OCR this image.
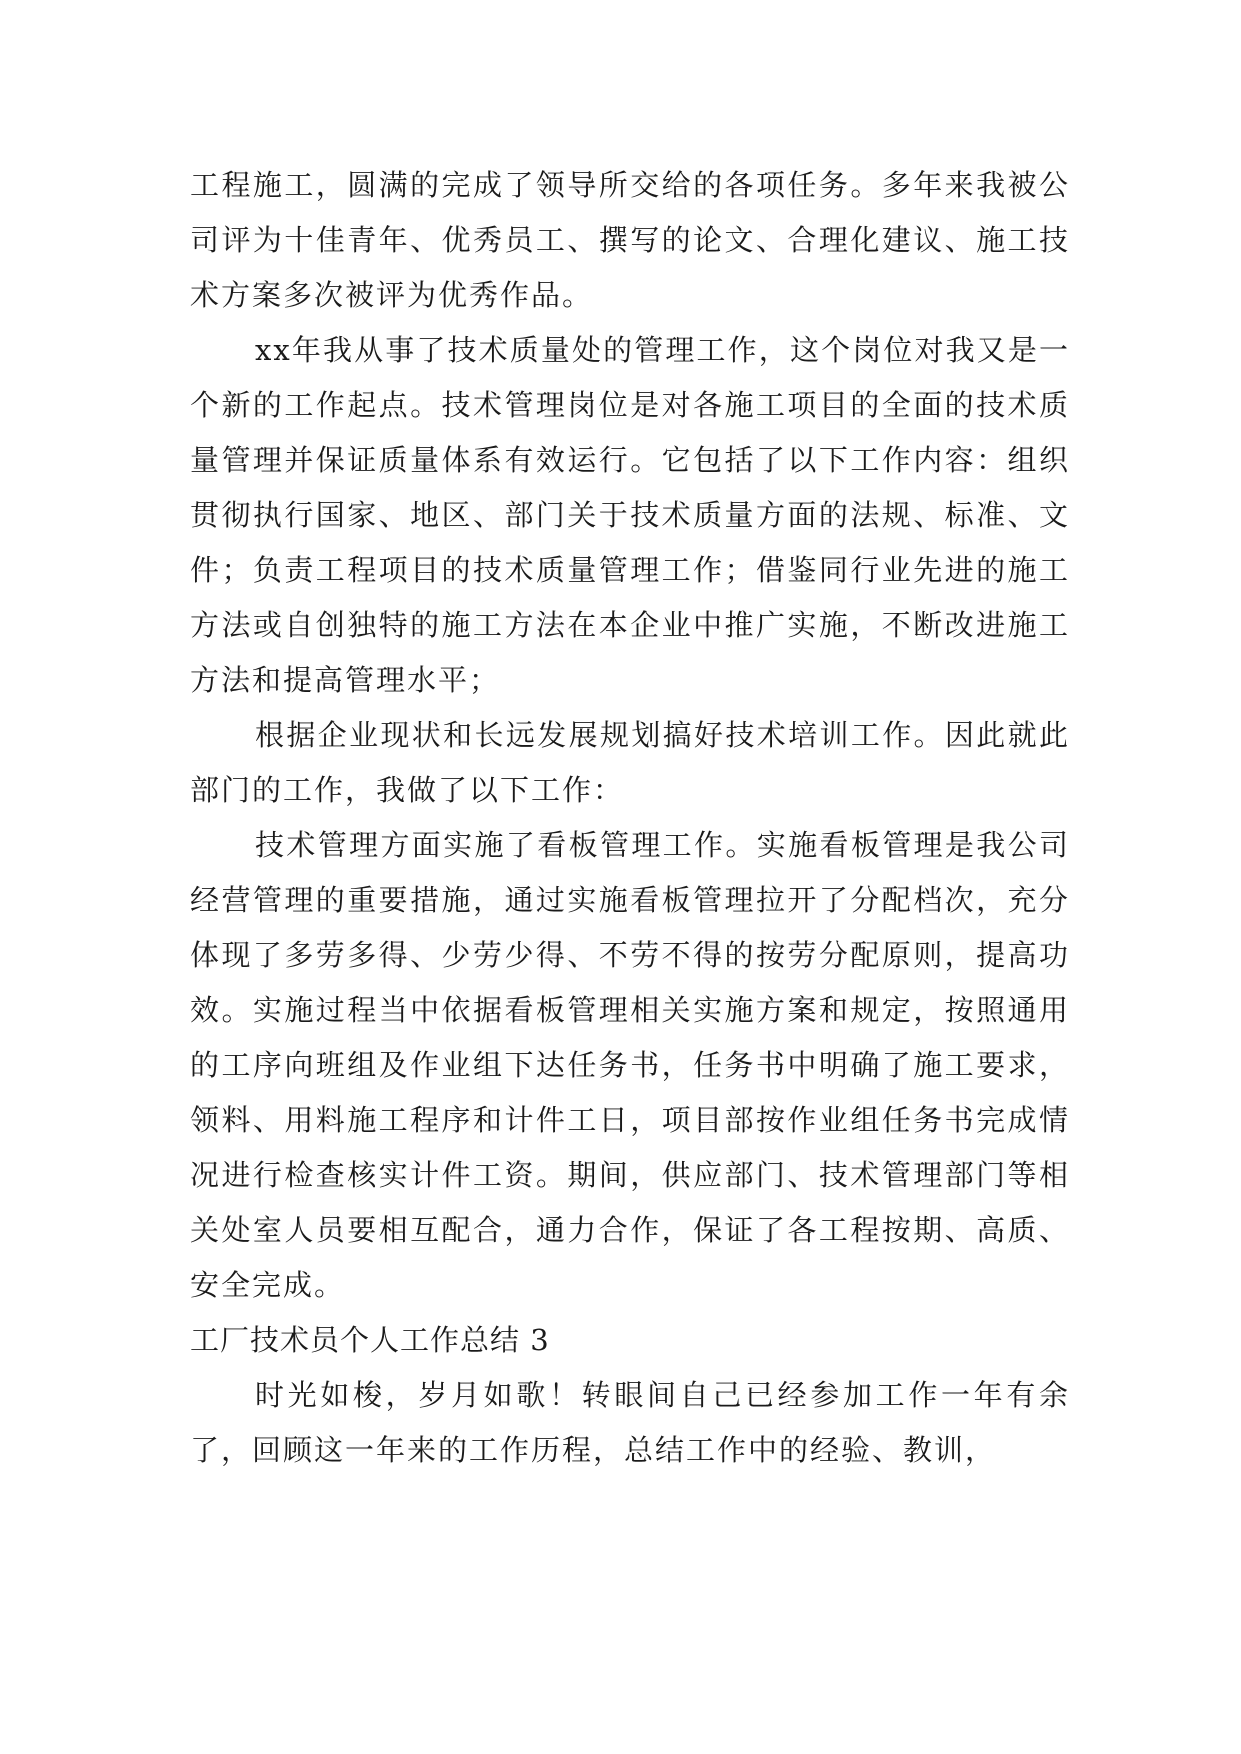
工程施工，圆满的完成了领导所交给的各项任务。多年来我被公司评为十佳青年、优秀员工、撰写的论文、合理化建议、施工技术方案多次被评为优秀作品。

xx年我从事了技术质量处的管理工作，这个岗位对我又是一个新的工作起点。技术管理岗位是对各施工项目的全面的技术质量管理并保证质量体系有效运行。它包括了以下工作内容：组织贯彻执行国家、地区、部门关于技术质量方面的法规、标准、文件；负责工程项目的技术质量管理工作；借鉴同行业先进的施工方法或自创独特的施工方法在本企业中推广实施，不断改进施工方法和提高管理水平；

根据企业现状和长远发展规划搞好技术培训工作。因此就此部门的工作，我做了以下工作：

技术管理方面实施了看板管理工作。实施看板管理是我公司经营管理的重要措施，通过实施看板管理拉开了分配档次，充分体现了多劳多得、少劳少得、不劳不得的按劳分配原则，提高功效。实施过程当中依据看板管理相关实施方案和规定，按照通用的工序向班组及作业组下达任务书，任务书中明确了施工要求，领料、用料施工程序和计件工日，项目部按作业组任务书完成情况进行检查核实计件工资。期间，供应部门、技术管理部门等相关处室人员要相互配合，通力合作，保证了各工程按期、高质、安全完成。

工厂技术员个人工作总结 3

时光如梭，岁月如歌！转眼间自己已经参加工作一年有余了，回顾这一年来的工作历程，总结工作中的经验、教训，
